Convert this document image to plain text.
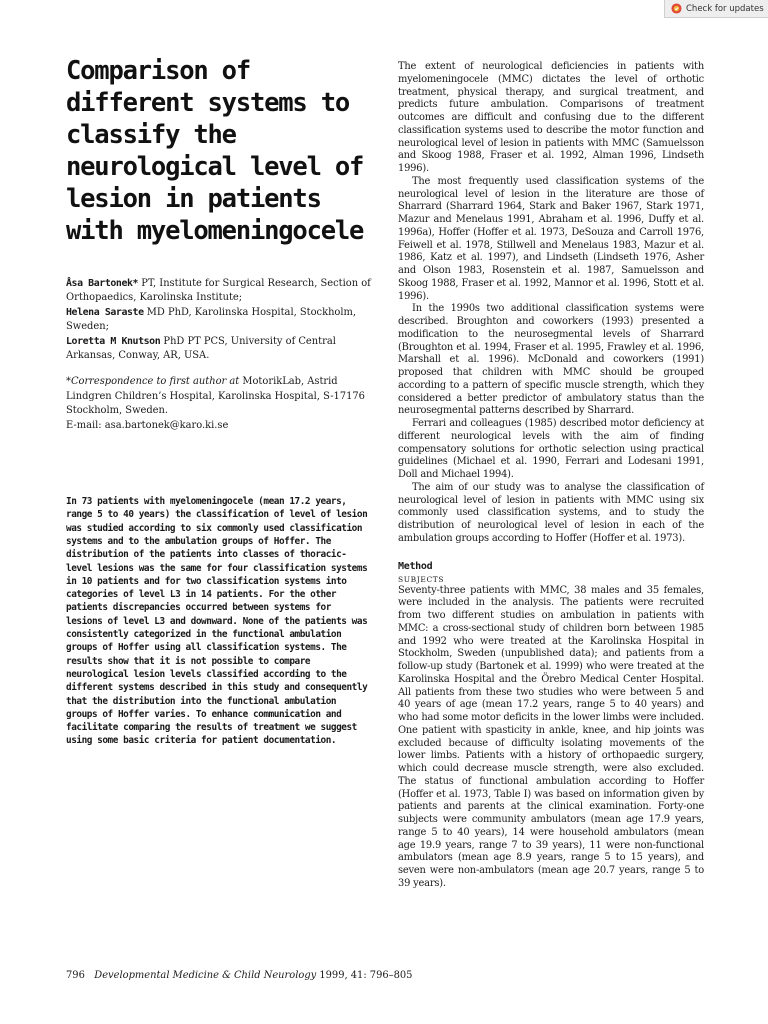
Check for updates
Comparison of different systems to classify the neurological level of lesion in patients with myelomeningocele
Åsa Bartonek* PT, Institute for Surgical Research, Section of Orthopaedics, Karolinska Institute;
Helena Saraste MD PhD, Karolinska Hospital, Stockholm, Sweden;
Loretta M Knutson PhD PT PCS, University of Central Arkansas, Conway, AR, USA.
*Correspondence to first author at MotorikLab, Astrid Lindgren Children’s Hospital, Karolinska Hospital, S-17176 Stockholm, Sweden.
E-mail: asa.bartonek@karo.ki.se
In 73 patients with myelomeningocele (mean 17.2 years, range 5 to 40 years) the classification of level of lesion was studied according to six commonly used classification systems and to the ambulation groups of Hoffer. The distribution of the patients into classes of thoracic-level lesions was the same for four classification systems in 10 patients and for two classification systems into categories of level L3 in 14 patients. For the other patients discrepancies occurred between systems for lesions of level L3 and downward. None of the patients was consistently categorized in the functional ambulation groups of Hoffer using all classification systems. The results show that it is not possible to compare neurological lesion levels classified according to the different systems described in this study and consequently that the distribution into the functional ambulation groups of Hoffer varies. To enhance communication and facilitate comparing the results of treatment we suggest using some basic criteria for patient documentation.

The extent of neurological deficiencies in patients with myelomeningocele (MMC) dictates the level of orthotic treatment, physical therapy, and surgical treatment, and predicts future ambulation. Comparisons of treatment outcomes are difficult and confusing due to the different classification systems used to describe the motor function and neurological level of lesion in patients with MMC (Samuelsson and Skoog 1988, Fraser et al. 1992, Alman 1996, Lindseth 1996).

The most frequently used classification systems of the neurological level of lesion in the literature are those of Sharrard (Sharrard 1964, Stark and Baker 1967, Stark 1971, Mazur and Menelaus 1991, Abraham et al. 1996, Duffy et al. 1996a), Hoffer (Hoffer et al. 1973, DeSouza and Carroll 1976, Feiwell et al. 1978, Stillwell and Menelaus 1983, Mazur et al. 1986, Katz et al. 1997), and Lindseth (Lindseth 1976, Asher and Olson 1983, Rosenstein et al. 1987, Samuelsson and Skoog 1988, Fraser et al. 1992, Mannor et al. 1996, Stott et al. 1996).

In the 1990s two additional classification systems were described. Broughton and coworkers (1993) presented a modification to the neurosegmental levels of Sharrard (Broughton et al. 1994, Fraser et al. 1995, Frawley et al. 1996, Marshall et al. 1996). McDonald and coworkers (1991) proposed that children with MMC should be grouped according to a pattern of specific muscle strength, which they considered a better predictor of ambulatory status than the neurosegmental patterns described by Sharrard.

Ferrari and colleagues (1985) described motor deficiency at different neurological levels with the aim of finding compensatory solutions for orthotic selection using practical guidelines (Michael et al. 1990, Ferrari and Lodesani 1991, Doll and Michael 1994).

The aim of our study was to analyse the classification of neurological level of lesion in patients with MMC using six commonly used classification systems, and to study the distribution of neurological level of lesion in each of the ambulation groups according to Hoffer (Hoffer et al. 1973).

Method
SUBJECTS

Seventy-three patients with MMC, 38 males and 35 females, were included in the analysis. The patients were recruited from two different studies on ambulation in patients with MMC: a cross-sectional study of children born between 1985 and 1992 who were treated at the Karolinska Hospital in Stockholm, Sweden (unpublished data); and patients from a follow-up study (Bartonek et al. 1999) who were treated at the Karolinska Hospital and the Örebro Medical Center Hospital. All patients from these two studies who were between 5 and 40 years of age (mean 17.2 years, range 5 to 40 years) and who had some motor deficits in the lower limbs were included. One patient with spasticity in ankle, knee, and hip joints was excluded because of difficulty isolating movements of the lower limbs. Patients with a history of orthopaedic surgery, which could decrease muscle strength, were also excluded. The status of functional ambulation according to Hoffer (Hoffer et al. 1973, Table I) was based on information given by patients and parents at the clinical examination. Forty-one subjects were community ambulators (mean age 17.9 years, range 5 to 40 years), 14 were household ambulators (mean age 19.9 years, range 7 to 39 years), 11 were non-functional ambulators (mean age 8.9 years, range 5 to 15 years), and seven were non-ambulators (mean age 20.7 years, range 5 to 39 years).

796 Developmental Medicine & Child Neurology 1999, 41: 796–805
